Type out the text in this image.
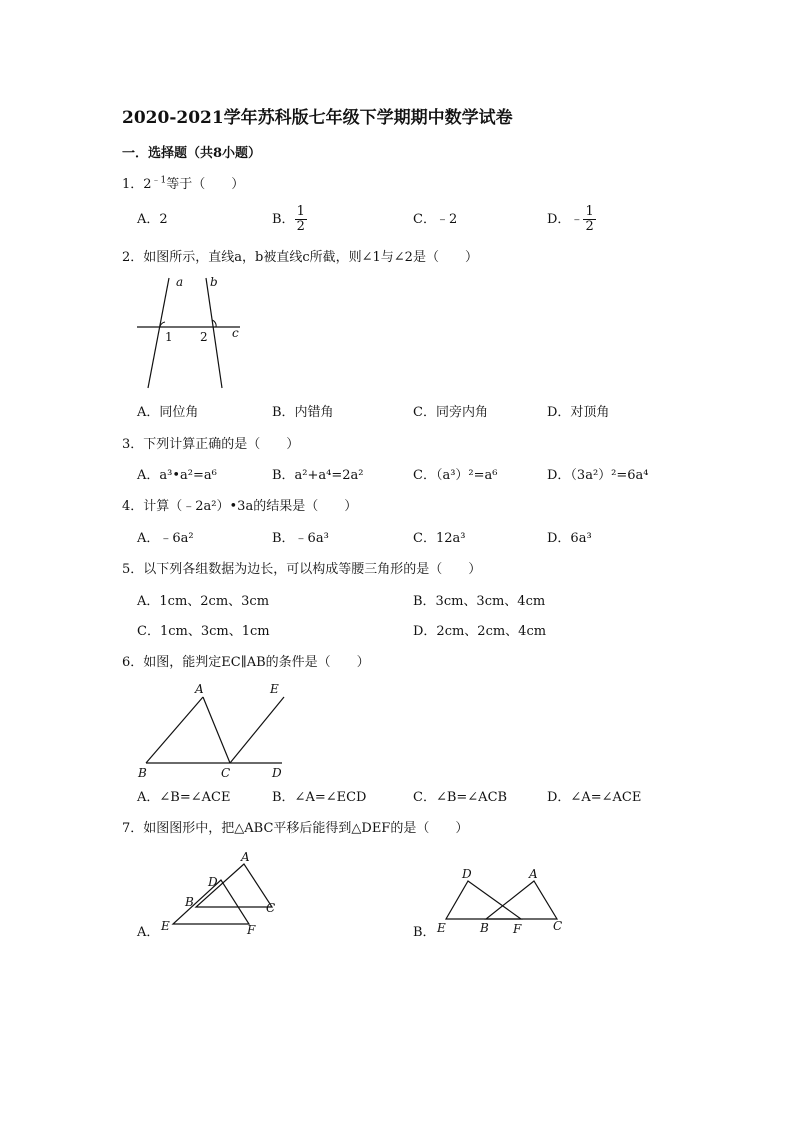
2020-2021学年苏科版七年级下学期期中数学试卷
一．选择题（共8小题）
1．$2^{﹣1}$等于（　　）
A．2	B． $\frac{1}{2}$	C．﹣2	D．﹣ $\frac{1}{2}$
2．如图所示，直线a，b被直线c所截，则∠1与∠2是（　　）
a b
c
1 2
A．同位角	B．内错角	C．同旁内角	D．对顶角
3．下列计算正确的是（　　）
A．a³•a²=a⁶	B．a²+a⁴=2a²	C．（a³）²=a⁶	D．（3a²）²=6a⁴
4．计算（﹣2a²）•3a的结果是（　　）
A．﹣6a²	B．﹣6a³	C．12a³	D．6a³
5．以下列各组数据为边长，可以构成等腰三角形的是（　　）
A．1cm、2cm、3cm	B．3cm、3cm、4cm
C．1cm、3cm、1cm	D．2cm、2cm、4cm
6．如图，能判定EC∥AB的条件是（　　）
A	E
B	C	D
A．∠B=∠ACE	B．∠A=∠ECD	C．∠B=∠ACB	D．∠A=∠ACE
7．如图图形中，把△ABC平移后能得到△DEF的是（　　）
A．
A
B	C
D
E	F	B．
D	A
E	B F	C
